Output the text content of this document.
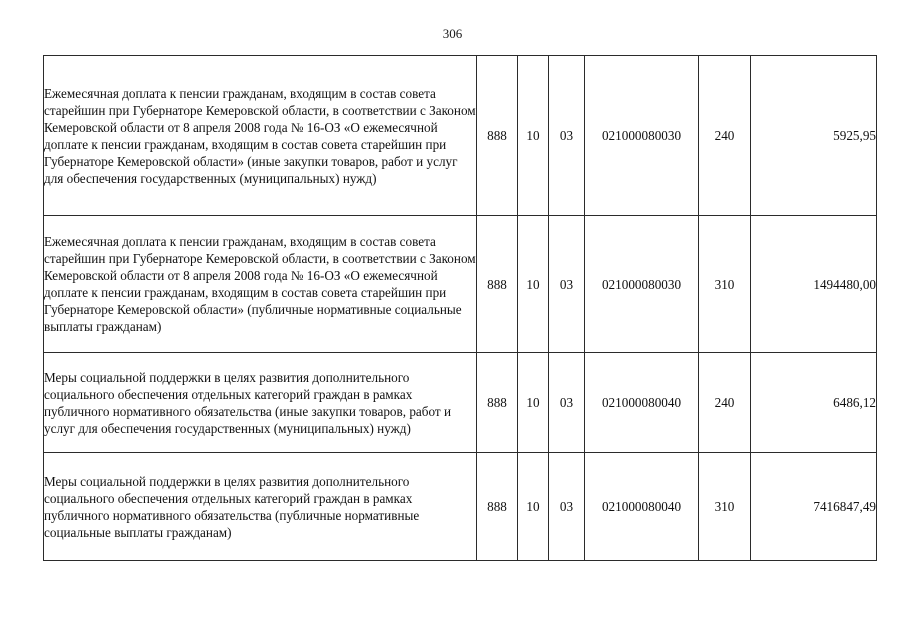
306
Ежемесячная доплата к пенсии гражданам, входящим в состав совета старейшин при Губернаторе Кемеровской области, в соответствии с Законом Кемеровской области от 8 апреля 2008 года № 16-ОЗ «О ежемесячной доплате к пенсии гражданам, входящим в состав совета старейшин при Губернаторе Кемеровской области» (иные закупки товаров, работ и услуг для обеспечения государственных (муниципальных) нужд)	888	10	03	021000080030	240	5925,95

Ежемесячная доплата к пенсии гражданам, входящим в состав совета старейшин при Губернаторе Кемеровской области, в соответствии с Законом Кемеровской области от 8 апреля 2008 года № 16-ОЗ «О ежемесячной доплате к пенсии гражданам, входящим в состав совета старейшин при Губернаторе Кемеровской области» (публичные нормативные социальные выплаты гражданам)	888	10	03	021000080030	310	1494480,00

Меры социальной поддержки в целях развития дополнительного социального обеспечения отдельных категорий граждан в рамках публичного нормативного обязательства (иные закупки товаров, работ и услуг для обеспечения государственных (муниципальных) нужд)	888	10	03	021000080040	240	6486,12

Меры социальной поддержки в целях развития дополнительного социального обеспечения отдельных категорий граждан в рамках публичного нормативного обязательства (публичные нормативные социальные выплаты гражданам)	888	10	03	021000080040	310	7416847,49
